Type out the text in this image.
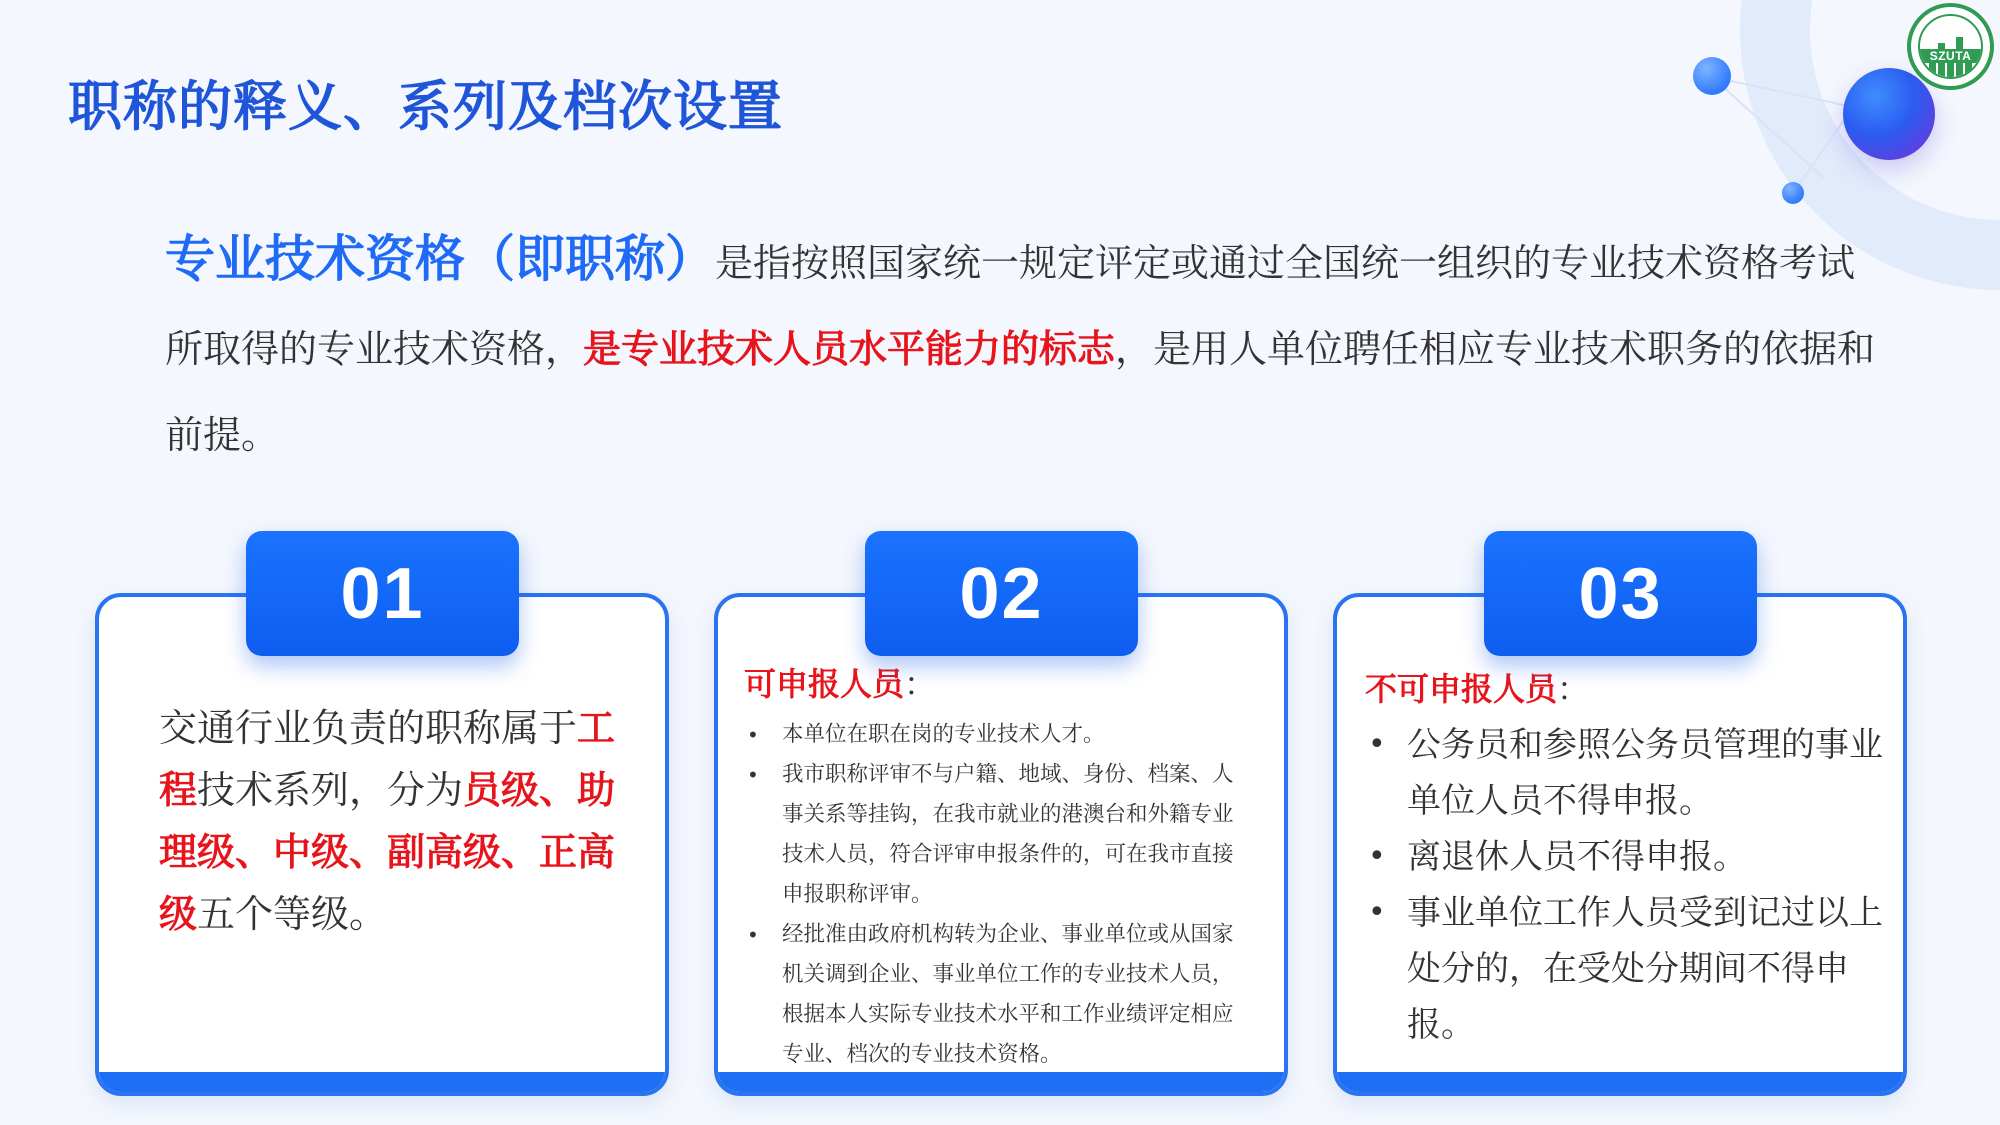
SZUTA
职称的释义、系列及档次设置

专业技术资格（即职称）是指按照国家统一规定评定或通过全国统一组织的专业技术资格考试所取得的专业技术资格，是专业技术人员水平能力的标志，是用人单位聘任相应专业技术职务的依据和前提。

交通行业负责的职称属于工程技术系列，分为员级、助理级、中级、副高级、正高级五个等级。

01

可申报人员：

• 本单位在职在岗的专业技术人才。
• 我市职称评审不与户籍、地域、身份、档案、人事关系等挂钩，在我市就业的港澳台和外籍专业技术人员，符合评审申报条件的，可在我市直接申报职称评审。
• 经批准由政府机构转为企业、事业单位或从国家机关调到企业、事业单位工作的专业技术人员，根据本人实际专业技术水平和工作业绩评定相应专业、档次的专业技术资格。
02

不可申报人员：

• 公务员和参照公务员管理的事业单位人员不得申报。
• 离退休人员不得申报。
• 事业单位工作人员受到记过以上处分的，在受处分期间不得申报。
03
